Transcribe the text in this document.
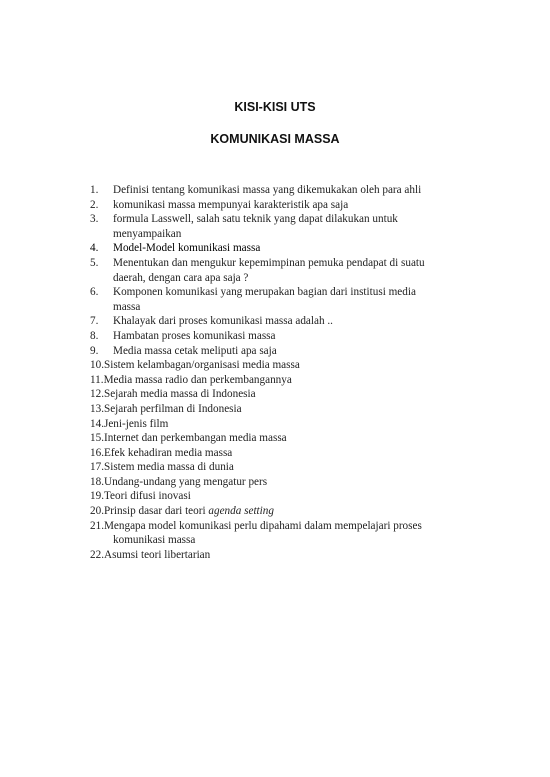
KISI-KISI UTS
KOMUNIKASI MASSA
1. Definisi tentang komunikasi massa yang dikemukakan oleh para ahli
2. komunikasi massa mempunyai karakteristik apa saja
3. formula Lasswell, salah satu teknik yang dapat dilakukan untuk
menyampaikan
4. Model-Model komunikasi massa
5. Menentukan dan mengukur kepemimpinan pemuka pendapat di suatu
daerah, dengan cara apa saja ?
6. Komponen komunikasi yang merupakan bagian dari institusi media
massa
7. Khalayak dari proses komunikasi massa adalah ..
8. Hambatan proses komunikasi massa
9. Media massa cetak meliputi apa saja
10.Sistem kelambagan/organisasi media massa
11.Media massa radio dan perkembangannya
12.Sejarah media massa di Indonesia
13.Sejarah perfilman di Indonesia
14.Jeni-jenis film
15.Internet dan perkembangan media massa
16.Efek kehadiran media massa
17.Sistem media massa di dunia
18.Undang-undang yang mengatur pers
19.Teori difusi inovasi
20.Prinsip dasar dari teori agenda setting
21.Mengapa model komunikasi perlu dipahami dalam mempelajari proses
komunikasi massa
22.Asumsi teori libertarian
